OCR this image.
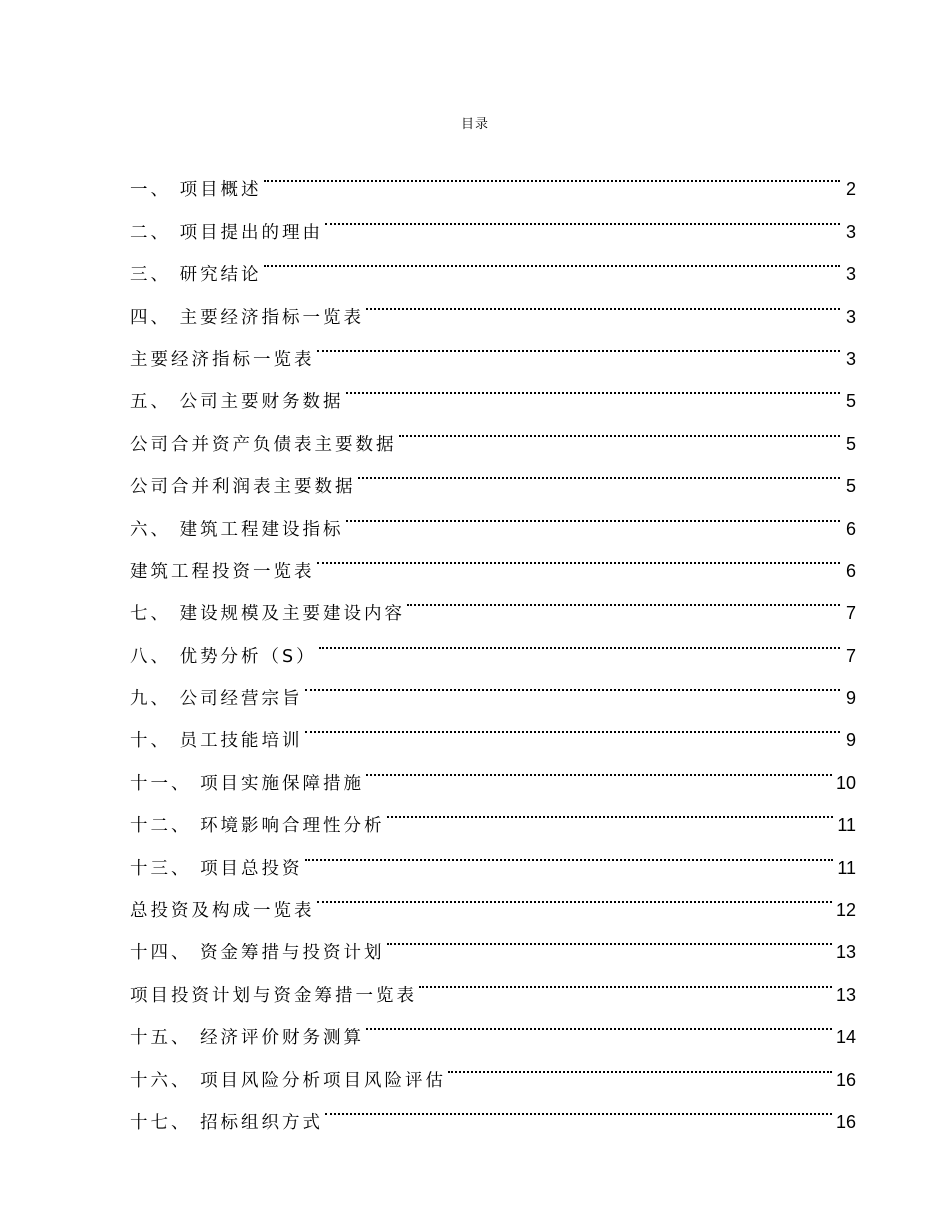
目录
一、 项目概述	2
二、 项目提出的理由	3
三、 研究结论	3
四、 主要经济指标一览表	3
主要经济指标一览表	3
五、 公司主要财务数据	5
公司合并资产负债表主要数据	5
公司合并利润表主要数据	5
六、 建筑工程建设指标	6
建筑工程投资一览表	6
七、 建设规模及主要建设内容	7
八、 优势分析（S）	7
九、 公司经营宗旨	9
十、 员工技能培训	9
十一、 项目实施保障措施	10
十二、 环境影响合理性分析	11
十三、 项目总投资	11
总投资及构成一览表	12
十四、 资金筹措与投资计划	13
项目投资计划与资金筹措一览表	13
十五、 经济评价财务测算	14
十六、 项目风险分析项目风险评估	16
十七、 招标组织方式	16
